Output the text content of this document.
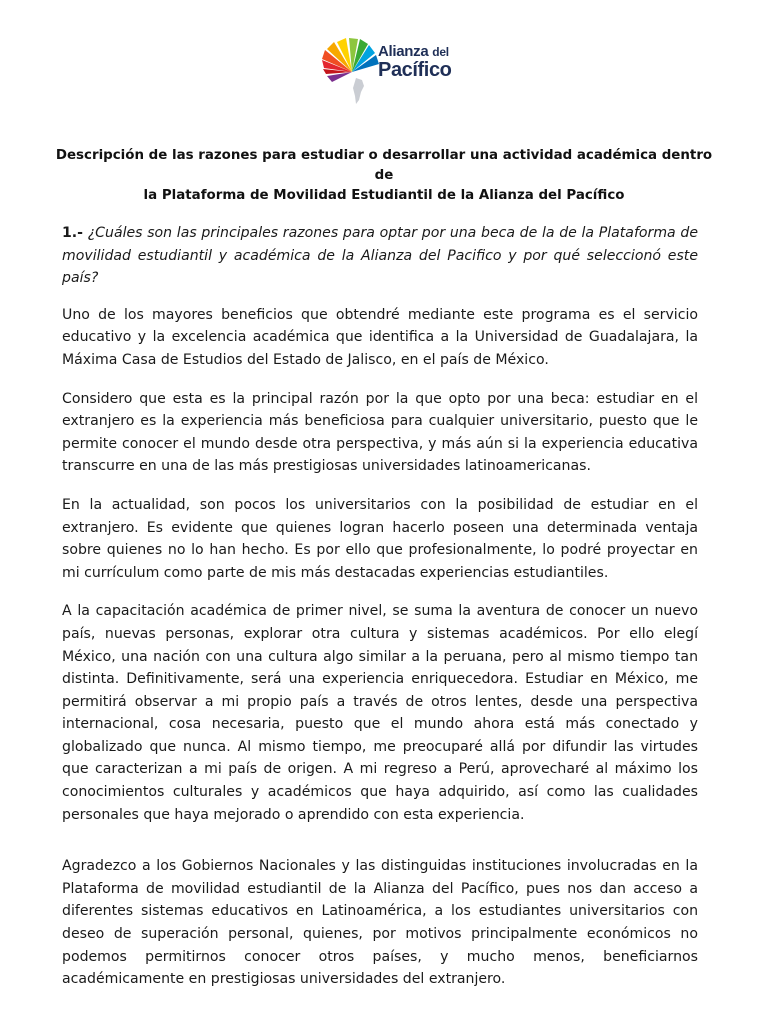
Alianza del
Pacífico
Descripción de las razones para estudiar o desarrollar una actividad académica dentro de
la Plataforma de Movilidad Estudiantil de la Alianza del Pacífico

1.- ¿Cuáles son las principales razones para optar por una beca de la de la Plataforma de movilidad estudiantil y académica de la Alianza del Pacifico y por qué seleccionó este país?

Uno de los mayores beneficios que obtendré mediante este programa es el servicio educativo y la excelencia académica que identifica a la Universidad de Guadalajara, la Máxima Casa de Estudios del Estado de Jalisco, en el país de México.

Considero que esta es la principal razón por la que opto por una beca: estudiar en el extranjero es la experiencia más beneficiosa para cualquier universitario, puesto que le permite conocer el mundo desde otra perspectiva, y más aún si la experiencia educativa transcurre en una de las más prestigiosas universidades latinoamericanas.

En la actualidad, son pocos los universitarios con la posibilidad de estudiar en el extranjero. Es evidente que quienes logran hacerlo poseen una determinada ventaja sobre quienes no lo han hecho. Es por ello que profesionalmente, lo podré proyectar en mi currículum como parte de mis más destacadas experiencias estudiantiles.

A la capacitación académica de primer nivel, se suma la aventura de conocer un nuevo país, nuevas personas, explorar otra cultura y sistemas académicos. Por ello elegí México, una nación con una cultura algo similar a la peruana, pero al mismo tiempo tan distinta. Definitivamente, será una experiencia enriquecedora. Estudiar en México, me permitirá observar a mi propio país a través de otros lentes, desde una perspectiva internacional, cosa necesaria, puesto que el mundo ahora está más conectado y globalizado que nunca. Al mismo tiempo, me preocuparé allá por difundir las virtudes que caracterizan a mi país de origen. A mi regreso a Perú, aprovecharé al máximo los conocimientos culturales y académicos que haya adquirido, así como las cualidades personales que haya mejorado o aprendido con esta experiencia.

Agradezco a los Gobiernos Nacionales y las distinguidas instituciones involucradas en la Plataforma de movilidad estudiantil de la Alianza del Pacífico, pues nos dan acceso a diferentes sistemas educativos en Latinoamérica, a los estudiantes universitarios con deseo de superación personal, quienes, por motivos principalmente económicos no podemos permitirnos conocer otros países, y mucho menos, beneficiarnos académicamente en prestigiosas universidades del extranjero.
